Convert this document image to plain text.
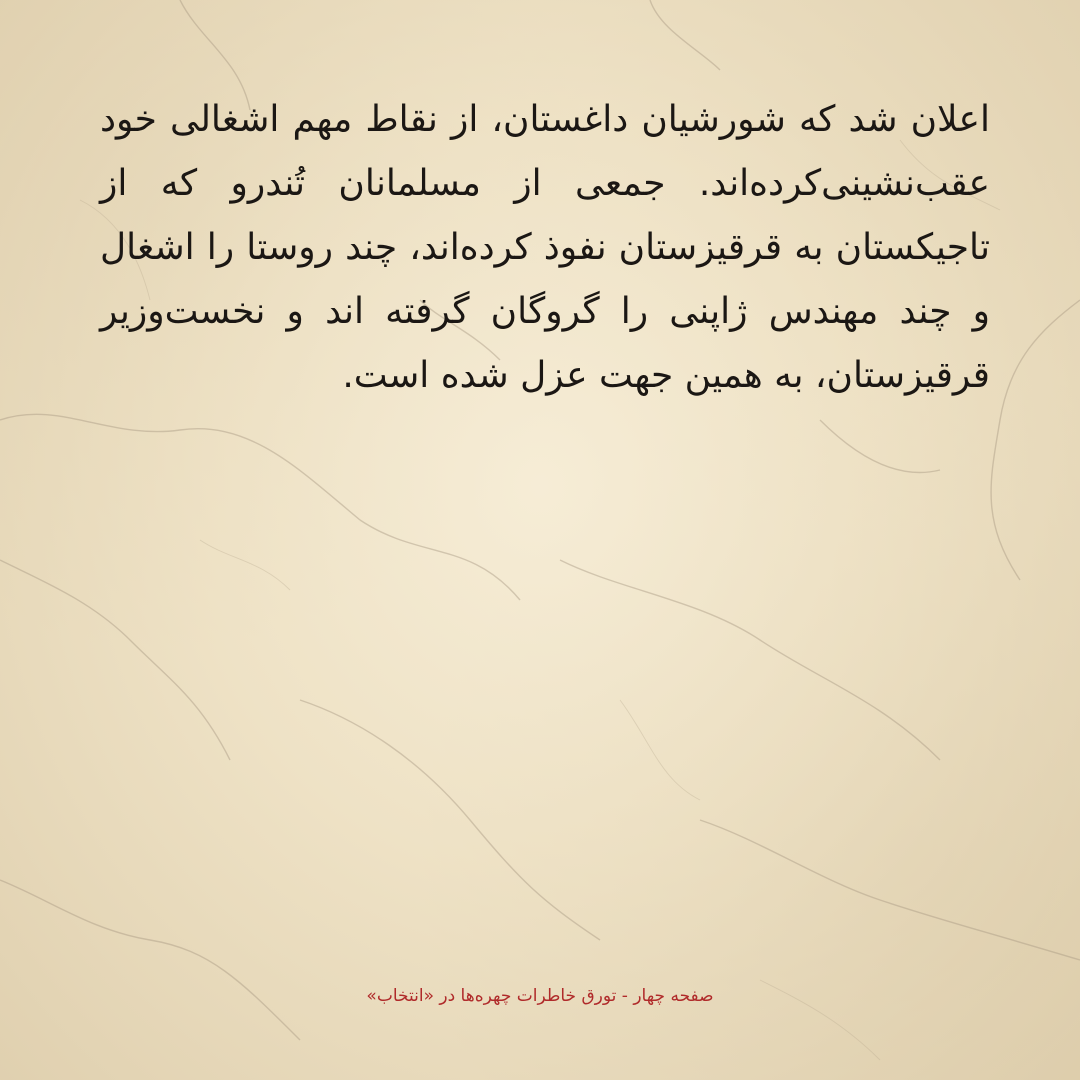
اعلان شد که شورشیان داغستان، از نقاط مهم اشغالی خود عقب‌نشینی‌کرده‌اند. جمعی از مسلمانان تُندرو که از تاجیکستان به قرقیزستان نفوذ کرده‌اند، چند روستا را اشغال و چند مهندس ژاپنی را گروگان گرفته اند و نخست‌وزیر قرقیزستان، به همین جهت عزل شده است.

صفحه چهار - تورق خاطرات چهره‌ها در «انتخاب»
